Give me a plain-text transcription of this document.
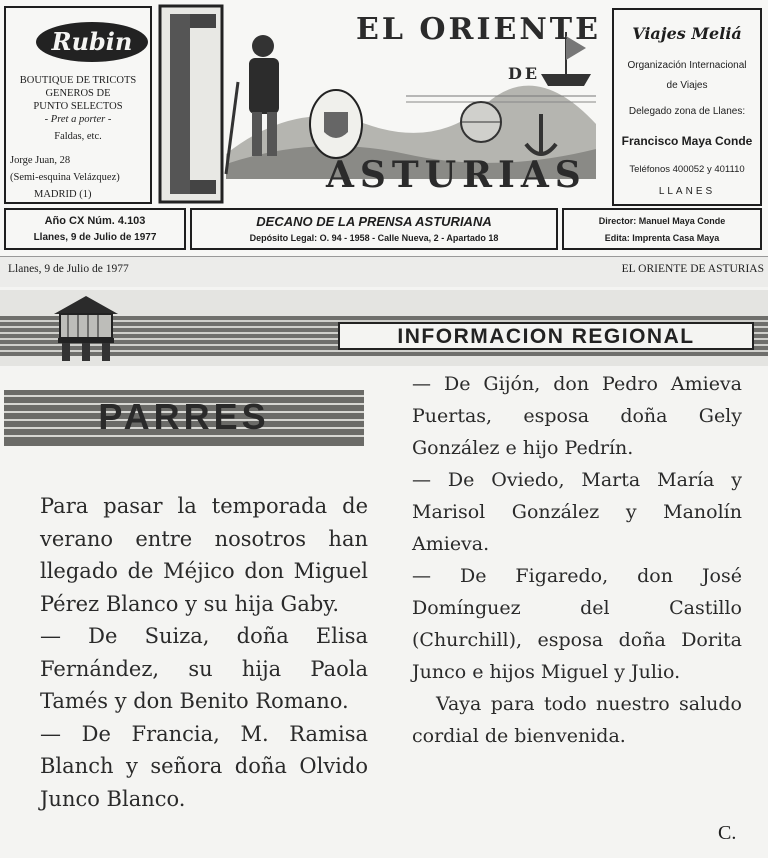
Rubin
BOUTIQUE DE TRICOTS
GENEROS DE
PUNTO SELECTOS
- Pret a porter -
Faldas, etc.
Jorge Juan, 28
(Semi-esquina Velázquez)
MADRID (1)
EL ORIENTE
DE
ASTURIAS
Viajes Meliá
Organización Internacional
de Viajes
Delegado zona de Llanes:
Francisco Maya Conde
Teléfonos 400052 y 401110
LLANES
Año CX Núm. 4.103
Llanes, 9 de Julio de 1977
DECANO DE LA PRENSA ASTURIANA
Depósito Legal: O. 94 - 1958 - Calle Nueva, 2 - Apartado 18
Director: Manuel Maya Conde
Edita: Imprenta Casa Maya
Llanes, 9 de Julio de 1977	EL ORIENTE DE ASTURIAS
INFORMACION REGIONAL
PARRES

Para pasar la temporada de verano entre nosotros han llegado de Méjico don Miguel Pérez Blanco y su hija Gaby.

— De Suiza, doña Elisa Fernández, su hija Paola Tamés y don Benito Romano.

— De Francia, M. Ramisa Blanch y señora doña Olvido Junco Blanco.

— De Gijón, don Pedro Amieva Puertas, esposa doña Gely González e hijo Pedrín.

— De Oviedo, Marta María y Marisol González y Manolín Amieva.

— De Figaredo, don José Domínguez del Castillo (Churchill), esposa doña Dorita Junco e hijos Miguel y Julio.

Vaya para todo nuestro saludo cordial de bienvenida.

C.
